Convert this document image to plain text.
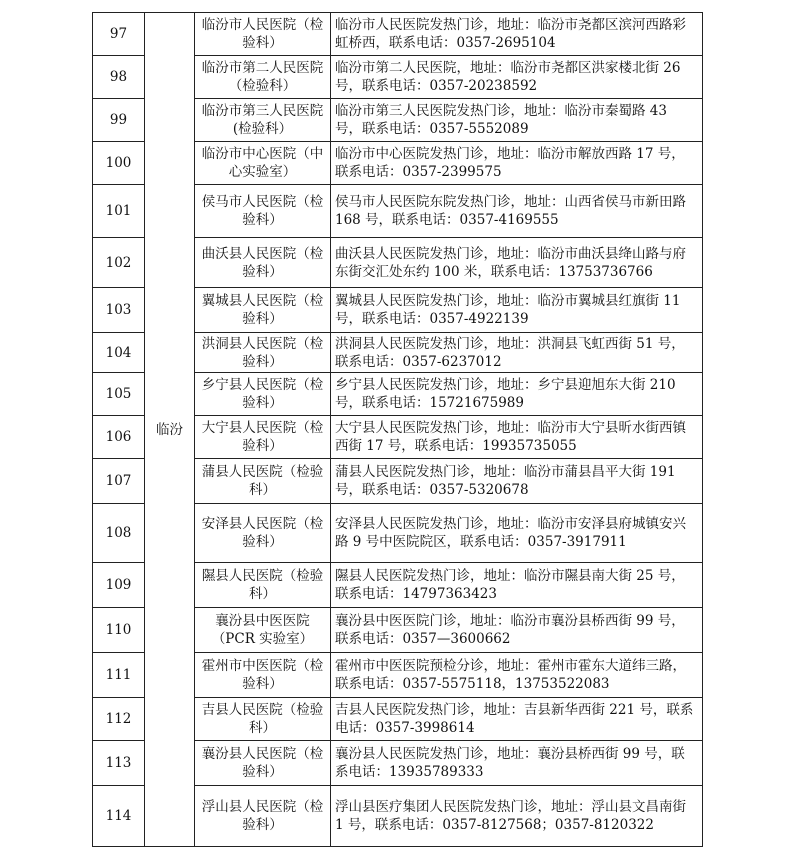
97	临汾	临汾市人民医院（检验科）	临汾市人民医院发热门诊，地址：临汾市尧都区滨河西路彩虹桥西，联系电话：0357-2695104
98		临汾市第二人民医院（检验科）	临汾市第二人民医院，地址：临汾市尧都区洪家楼北街 26 号，联系电话：0357-20238592
99		临汾市第三人民医院(检验科）	临汾市第三人民医院发热门诊，地址：临汾市秦蜀路 43 号，联系电话：0357-5552089
100		临汾市中心医院（中心实验室）	临汾市中心医院发热门诊，地址：临汾市解放西路 17 号，联系电话：0357-2399575
101		侯马市人民医院（检验科）	侯马市人民医院东院发热门诊，地址：山西省侯马市新田路 168 号，联系电话：0357-4169555
102		曲沃县人民医院（检验科）	曲沃县人民医院发热门诊，地址：临汾市曲沃县绛山路与府东街交汇处东约 100 米，联系电话：13753736766
103		翼城县人民医院（检验科）	翼城县人民医院发热门诊，地址：临汾市翼城县红旗街 11 号，联系电话：0357-4922139
104		洪洞县人民医院（检验科）	洪洞县人民医院发热门诊，地址：洪洞县飞虹西街 51 号，联系电话：0357-6237012
105		乡宁县人民医院（检验科）	乡宁县人民医院发热门诊，地址：乡宁县迎旭东大街 210 号，联系电话：15721675989
106		大宁县人民医院（检验科）	大宁县人民医院发热门诊，地址：临汾市大宁县昕水街西镇西街 17 号，联系电话：19935735055
107		蒲县人民医院（检验科）	蒲县人民医院发热门诊，地址：临汾市蒲县昌平大街 191 号，联系电话：0357-5320678
108		安泽县人民医院（检验科）	安泽县人民医院发热门诊，地址：临汾市安泽县府城镇安兴路 9 号中医院院区，联系电话：0357-3917911
109		隰县人民医院（检验科）	隰县人民医院发热门诊，地址：临汾市隰县南大街 25 号，联系电话：14797363423
110		襄汾县中医医院（PCR 实验室）	襄汾县中医医院门诊，地址：临汾市襄汾县桥西街 99 号，联系电话：0357—3600662
111		霍州市中医医院（检验科）	霍州市中医医院预检分诊，地址：霍州市霍东大道纬三路，联系电话：0357-5575118，13753522083
112		吉县人民医院（检验科）	吉县人民医院发热门诊，地址：吉县新华西街 221 号，联系电话：0357-3998614
113		襄汾县人民医院（检验科）	襄汾县人民医院发热门诊，地址：襄汾县桥西街 99 号，联系电话：13935789333
114		浮山县人民医院（检验科）	浮山县医疗集团人民医院发热门诊，地址：浮山县文昌南街 1 号，联系电话：0357-8127568；0357-8120322
